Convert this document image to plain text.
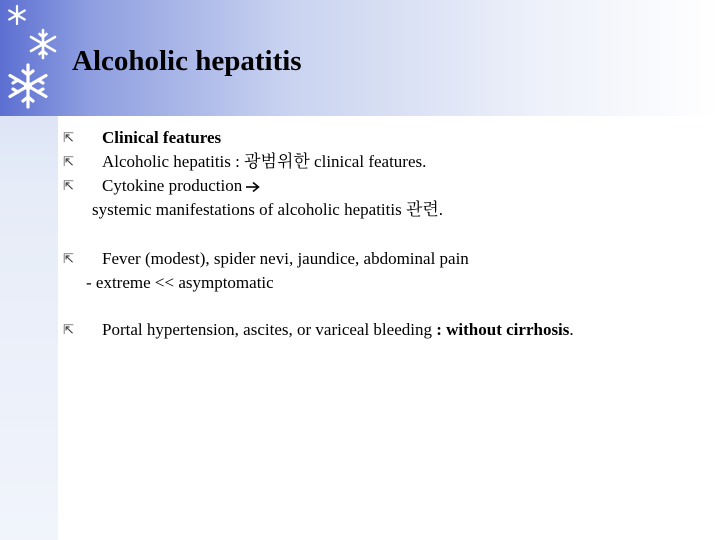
Alcoholic hepatitis
⇱
⇱
⇱
⇱
⇱
Clinical features
Alcoholic hepatitis : 광범위한 clinical features.
Cytokine production
systemic manifestations of alcoholic hepatitis 관련.
Fever (modest), spider nevi, jaundice, abdominal pain
- extreme << asymptomatic
Portal hypertension, ascites, or variceal bleeding : without cirrhosis.
